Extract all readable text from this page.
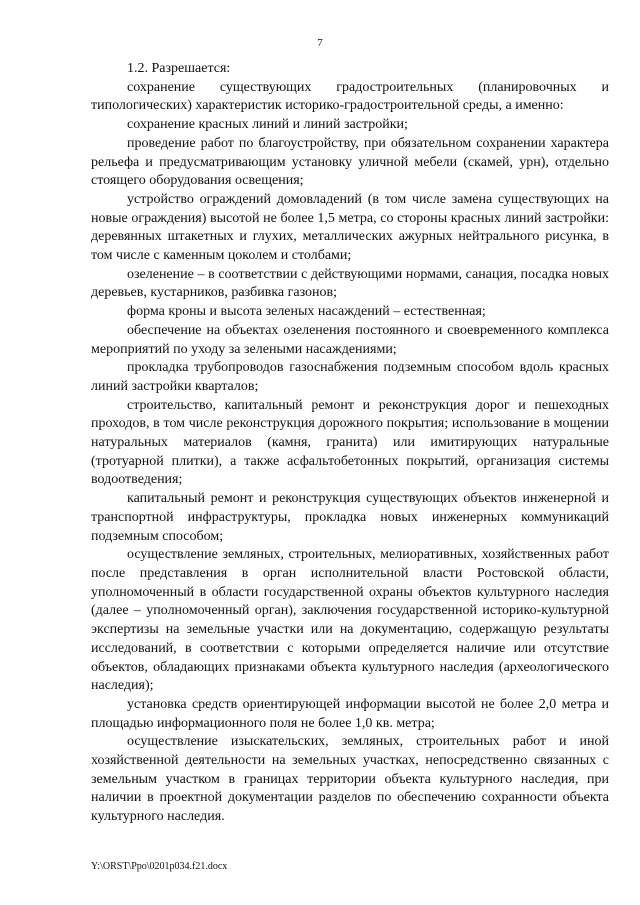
7

1.2. Разрешается:

сохранение существующих градостроительных (планировочных и типологических) характеристик историко-градостроительной среды, а именно:

сохранение красных линий и линий застройки;

проведение работ по благоустройству, при обязательном сохранении характера рельефа и предусматривающим установку уличной мебели (скамей, урн), отдельно стоящего оборудования освещения;

устройство ограждений домовладений (в том числе замена существующих на новые ограждения) высотой не более 1,5 метра, со стороны красных линий застройки: деревянных штакетных и глухих, металлических ажурных нейтрального рисунка, в том числе с каменным цоколем и столбами;

озеленение – в соответствии с действующими нормами, санация, посадка новых деревьев, кустарников, разбивка газонов;

форма кроны и высота зеленых насаждений – естественная;

обеспечение на объектах озеленения постоянного и своевременного комплекса мероприятий по уходу за зелеными насаждениями;

прокладка трубопроводов газоснабжения подземным способом вдоль красных линий застройки кварталов;

строительство, капитальный ремонт и реконструкция дорог и пешеходных проходов, в том числе реконструкция дорожного покрытия; использование в мощении натуральных материалов (камня, гранита) или имитирующих натуральные (тротуарной плитки), а также асфальтобетонных покрытий, организация системы водоотведения;

капитальный ремонт и реконструкция существующих объектов инженерной и транспортной инфраструктуры, прокладка новых инженерных коммуникаций подземным способом;

осуществление земляных, строительных, мелиоративных, хозяйственных работ после представления в орган исполнительной власти Ростовской области, уполномоченный в области государственной охраны объектов культурного наследия (далее – уполномоченный орган), заключения государственной историко-культурной экспертизы на земельные участки или на документацию, содержащую результаты исследований, в соответствии с которыми определяется наличие или отсутствие объектов, обладающих признаками объекта культурного наследия (археологического наследия);

установка средств ориентирующей информации высотой не более 2,0 метра и площадью информационного поля не более 1,0 кв. метра;

осуществление изыскательских, земляных, строительных работ и иной хозяйственной деятельности на земельных участках, непосредственно связанных с земельным участком в границах территории объекта культурного наследия, при наличии в проектной документации разделов по обеспечению сохранности объекта культурного наследия.

Y:\ORST\Ppo\0201p034.f21.docx
